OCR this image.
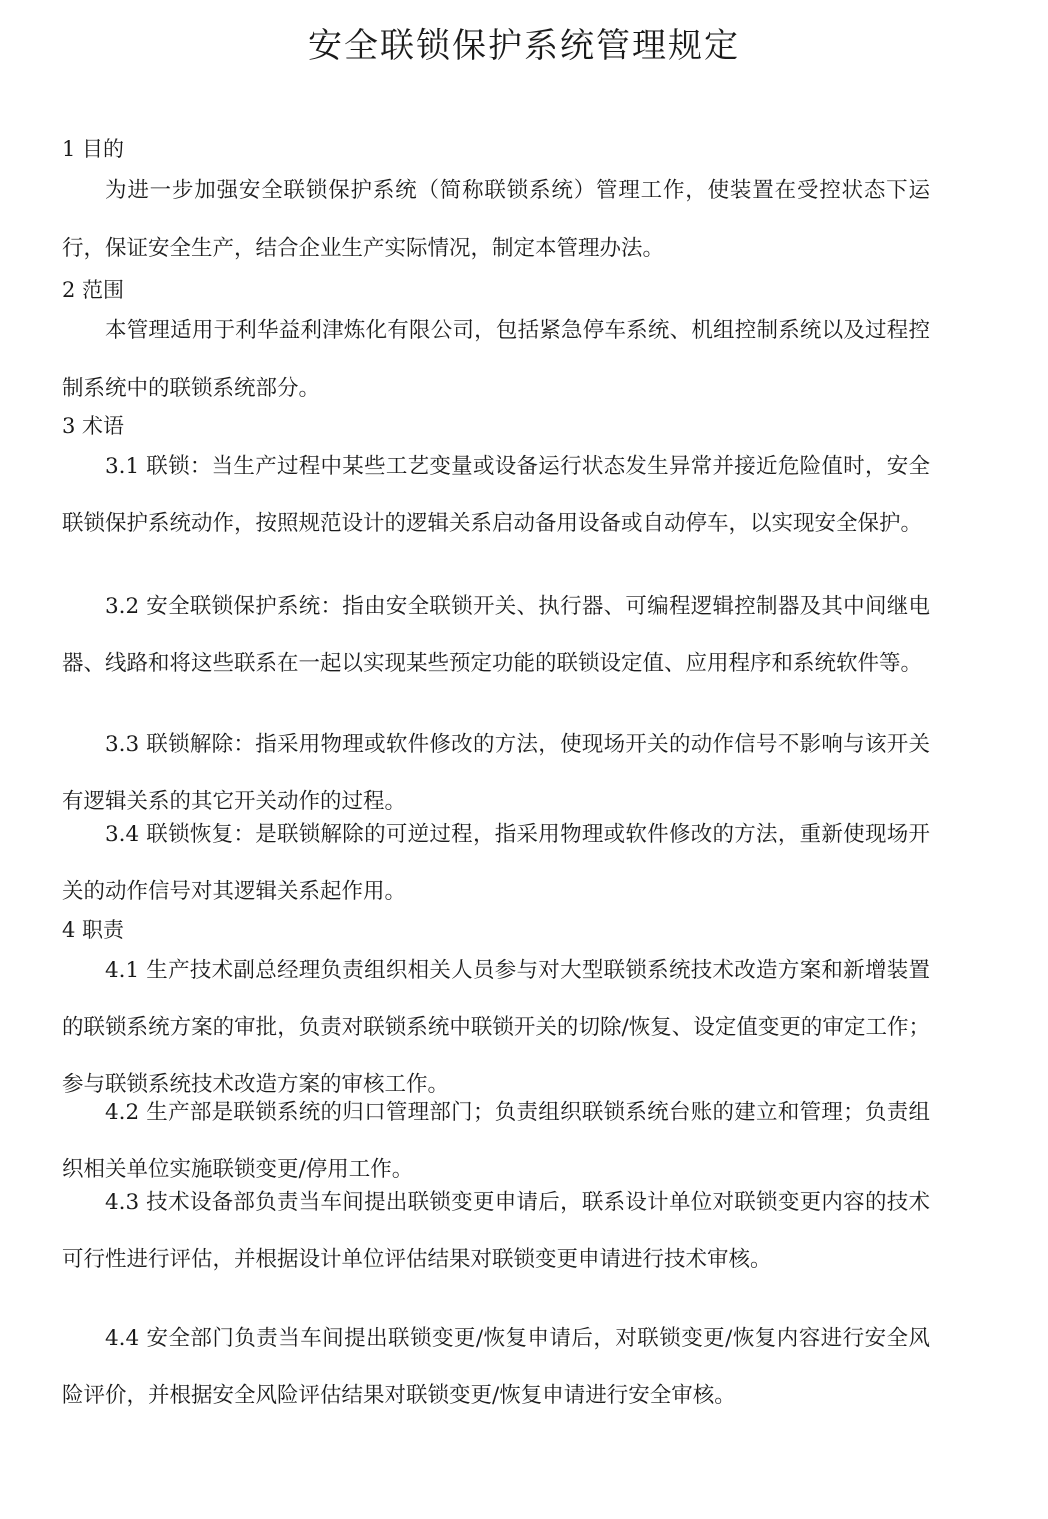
安全联锁保护系统管理规定
1 目的

为进一步加强安全联锁保护系统（简称联锁系统）管理工作，使装置在受控状态下运行，保证安全生产，结合企业生产实际情况，制定本管理办法。

2 范围

本管理适用于利华益利津炼化有限公司，包括紧急停车系统、机组控制系统以及过程控制系统中的联锁系统部分。

3 术语

3.1 联锁：当生产过程中某些工艺变量或设备运行状态发生异常并接近危险值时，安全联锁保护系统动作，按照规范设计的逻辑关系启动备用设备或自动停车，以实现安全保护。

3.2 安全联锁保护系统：指由安全联锁开关、执行器、可编程逻辑控制器及其中间继电器、线路和将这些联系在一起以实现某些预定功能的联锁设定值、应用程序和系统软件等。

3.3 联锁解除：指采用物理或软件修改的方法，使现场开关的动作信号不影响与该开关有逻辑关系的其它开关动作的过程。

3.4 联锁恢复：是联锁解除的可逆过程，指采用物理或软件修改的方法，重新使现场开关的动作信号对其逻辑关系起作用。

4 职责

4.1 生产技术副总经理负责组织相关人员参与对大型联锁系统技术改造方案和新增装置的联锁系统方案的审批，负责对联锁系统中联锁开关的切除/恢复、设定值变更的审定工作；参与联锁系统技术改造方案的审核工作。

4.2 生产部是联锁系统的归口管理部门；负责组织联锁系统台账的建立和管理；负责组织相关单位实施联锁变更/停用工作。

4.3 技术设备部负责当车间提出联锁变更申请后，联系设计单位对联锁变更内容的技术可行性进行评估，并根据设计单位评估结果对联锁变更申请进行技术审核。

4.4 安全部门负责当车间提出联锁变更/恢复申请后，对联锁变更/恢复内容进行安全风险评价，并根据安全风险评估结果对联锁变更/恢复申请进行安全审核。
